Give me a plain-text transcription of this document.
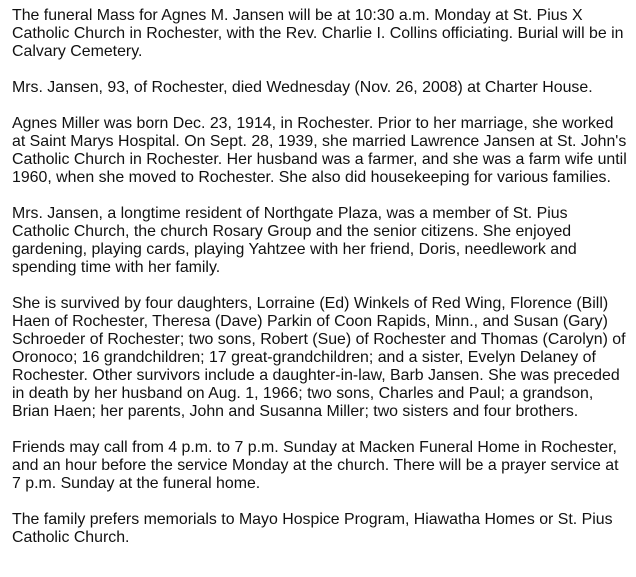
The funeral Mass for Agnes M. Jansen will be at 10:30 a.m. Monday at St. Pius X Catholic Church in Rochester, with the Rev. Charlie I. Collins officiating. Burial will be in Calvary Cemetery.

Mrs. Jansen, 93, of Rochester, died Wednesday (Nov. 26, 2008) at Charter House.

Agnes Miller was born Dec. 23, 1914, in Rochester. Prior to her marriage, she worked at Saint Marys Hospital. On Sept. 28, 1939, she married Lawrence Jansen at St. John's Catholic Church in Rochester. Her husband was a farmer, and she was a farm wife until 1960, when she moved to Rochester. She also did housekeeping for various families.

Mrs. Jansen, a longtime resident of Northgate Plaza, was a member of St. Pius Catholic Church, the church Rosary Group and the senior citizens. She enjoyed gardening, playing cards, playing Yahtzee with her friend, Doris, needlework and spending time with her family.

She is survived by four daughters, Lorraine (Ed) Winkels of Red Wing, Florence (Bill) Haen of Rochester, Theresa (Dave) Parkin of Coon Rapids, Minn., and Susan (Gary) Schroeder of Rochester; two sons, Robert (Sue) of Rochester and Thomas (Carolyn) of Oronoco; 16 grandchildren; 17 great-grandchildren; and a sister, Evelyn Delaney of Rochester. Other survivors include a daughter-in-law, Barb Jansen. She was preceded in death by her husband on Aug. 1, 1966; two sons, Charles and Paul; a grandson, Brian Haen; her parents, John and Susanna Miller; two sisters and four brothers.

Friends may call from 4 p.m. to 7 p.m. Sunday at Macken Funeral Home in Rochester, and an hour before the service Monday at the church. There will be a prayer service at 7 p.m. Sunday at the funeral home.

The family prefers memorials to Mayo Hospice Program, Hiawatha Homes or St. Pius Catholic Church.
